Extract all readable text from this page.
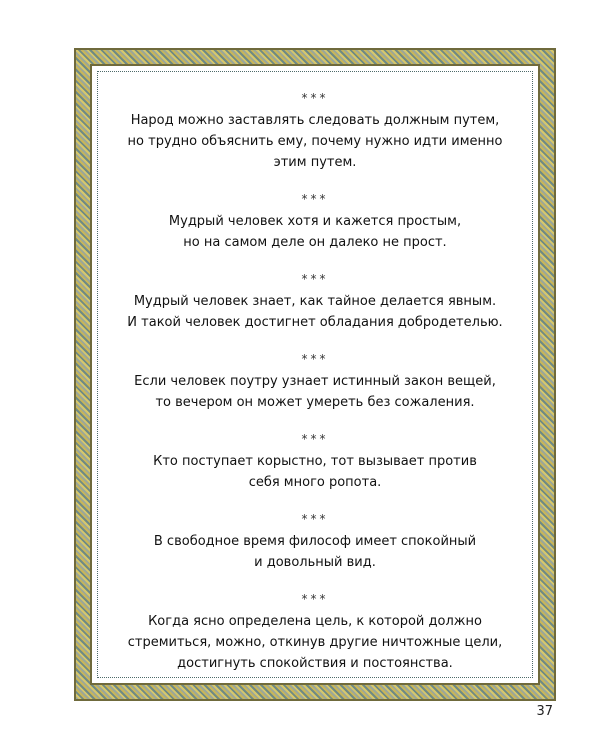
***

Народ можно заставлять следовать должным путем,
но трудно объяснить ему, почему нужно идти именно
этим путем.

***

Мудрый человек хотя и кажется простым,
но на самом деле он далеко не прост.

***

Мудрый человек знает, как тайное делается явным.
И такой человек достигнет обладания добродетелью.

***

Если человек поутру узнает истинный закон вещей,
то вечером он может умереть без сожаления.

***

Кто поступает корыстно, тот вызывает против
себя много ропота.

***

В свободное время философ имеет спокойный
и довольный вид.

***

Когда ясно определена цель, к которой должно
стремиться, можно, откинув другие ничтожные цели,
достигнуть спокойствия и постоянства.

37
